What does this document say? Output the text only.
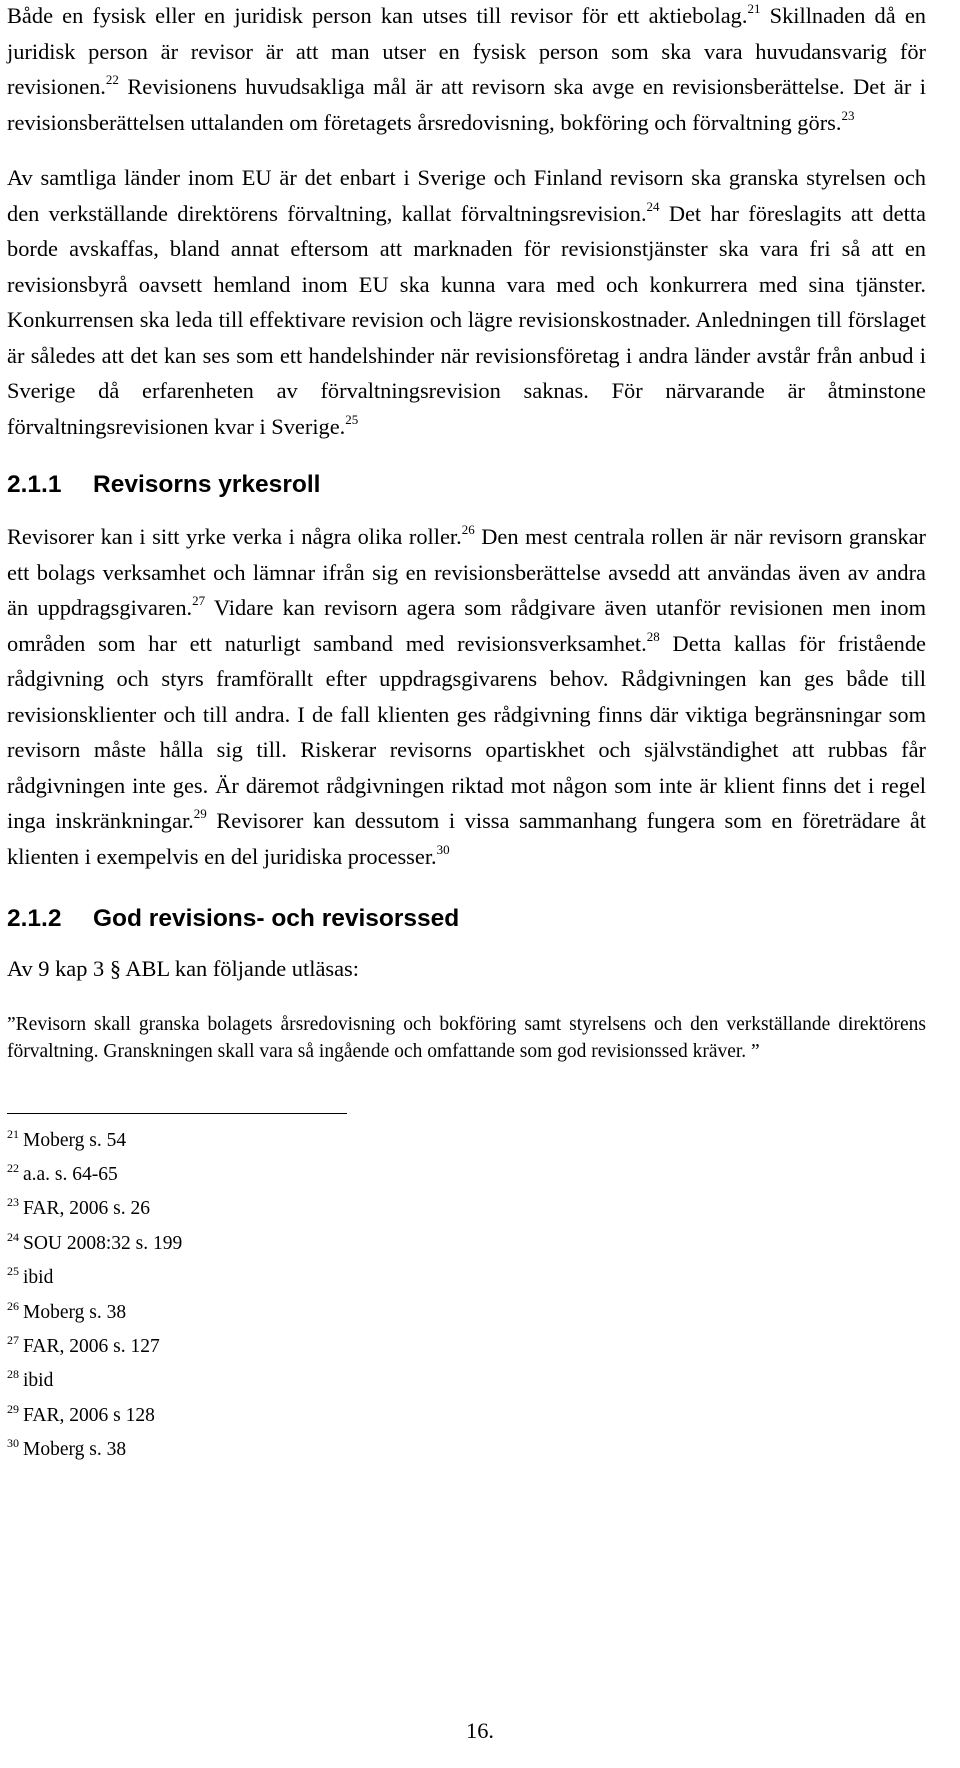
Både en fysisk eller en juridisk person kan utses till revisor för ett aktiebolag.$^{21}$ Skillnaden då en juridisk person är revisor är att man utser en fysisk person som ska vara huvudansvarig för revisionen.$^{22}$ Revisionens huvudsakliga mål är att revisorn ska avge en revisionsberättelse. Det är i revisionsberättelsen uttalanden om företagets årsredovisning, bokföring och förvaltning görs.$^{23}$

Av samtliga länder inom EU är det enbart i Sverige och Finland revisorn ska granska styrelsen och den verkställande direktörens förvaltning, kallat förvaltningsrevision.$^{24}$ Det har föreslagits att detta borde avskaffas, bland annat eftersom att marknaden för revisionstjänster ska vara fri så att en revisionsbyrå oavsett hemland inom EU ska kunna vara med och konkurrera med sina tjänster. Konkurrensen ska leda till effektivare revision och lägre revisionskostnader. Anledningen till förslaget är således att det kan ses som ett handelshinder när revisionsföretag i andra länder avstår från anbud i Sverige då erfarenheten av förvaltningsrevision saknas. För närvarande är åtminstone förvaltningsrevisionen kvar i Sverige.$^{25}$

2.1.1 Revisorns yrkesroll

Revisorer kan i sitt yrke verka i några olika roller.$^{26}$ Den mest centrala rollen är när revisorn granskar ett bolags verksamhet och lämnar ifrån sig en revisionsberättelse avsedd att användas även av andra än uppdragsgivaren.$^{27}$ Vidare kan revisorn agera som rådgivare även utanför revisionen men inom områden som har ett naturligt samband med revisionsverksamhet.$^{28}$ Detta kallas för fristående rådgivning och styrs framförallt efter uppdragsgivarens behov. Rådgivningen kan ges både till revisionsklienter och till andra. I de fall klienten ges rådgivning finns där viktiga begränsningar som revisorn måste hålla sig till. Riskerar revisorns opartiskhet och självständighet att rubbas får rådgivningen inte ges. Är däremot rådgivningen riktad mot någon som inte är klient finns det i regel inga inskränkningar.$^{29}$ Revisorer kan dessutom i vissa sammanhang fungera som en företrädare åt klienten i exempelvis en del juridiska processer.$^{30}$

2.1.2 God revisions- och revisorssed

Av 9 kap 3 § ABL kan följande utläsas:

”Revisorn skall granska bolagets årsredovisning och bokföring samt styrelsens och den verkställande direktörens förvaltning. Granskningen skall vara så ingående och omfattande som god revisionssed kräver. ”

$^{21}$ Moberg s. 54

$^{22}$ a.a. s. 64-65

$^{23}$ FAR, 2006 s. 26

$^{24}$ SOU 2008:32 s. 199

$^{25}$ ibid

$^{26}$ Moberg s. 38

$^{27}$ FAR, 2006 s. 127

$^{28}$ ibid

$^{29}$ FAR, 2006 s 128

$^{30}$ Moberg s. 38

16.
